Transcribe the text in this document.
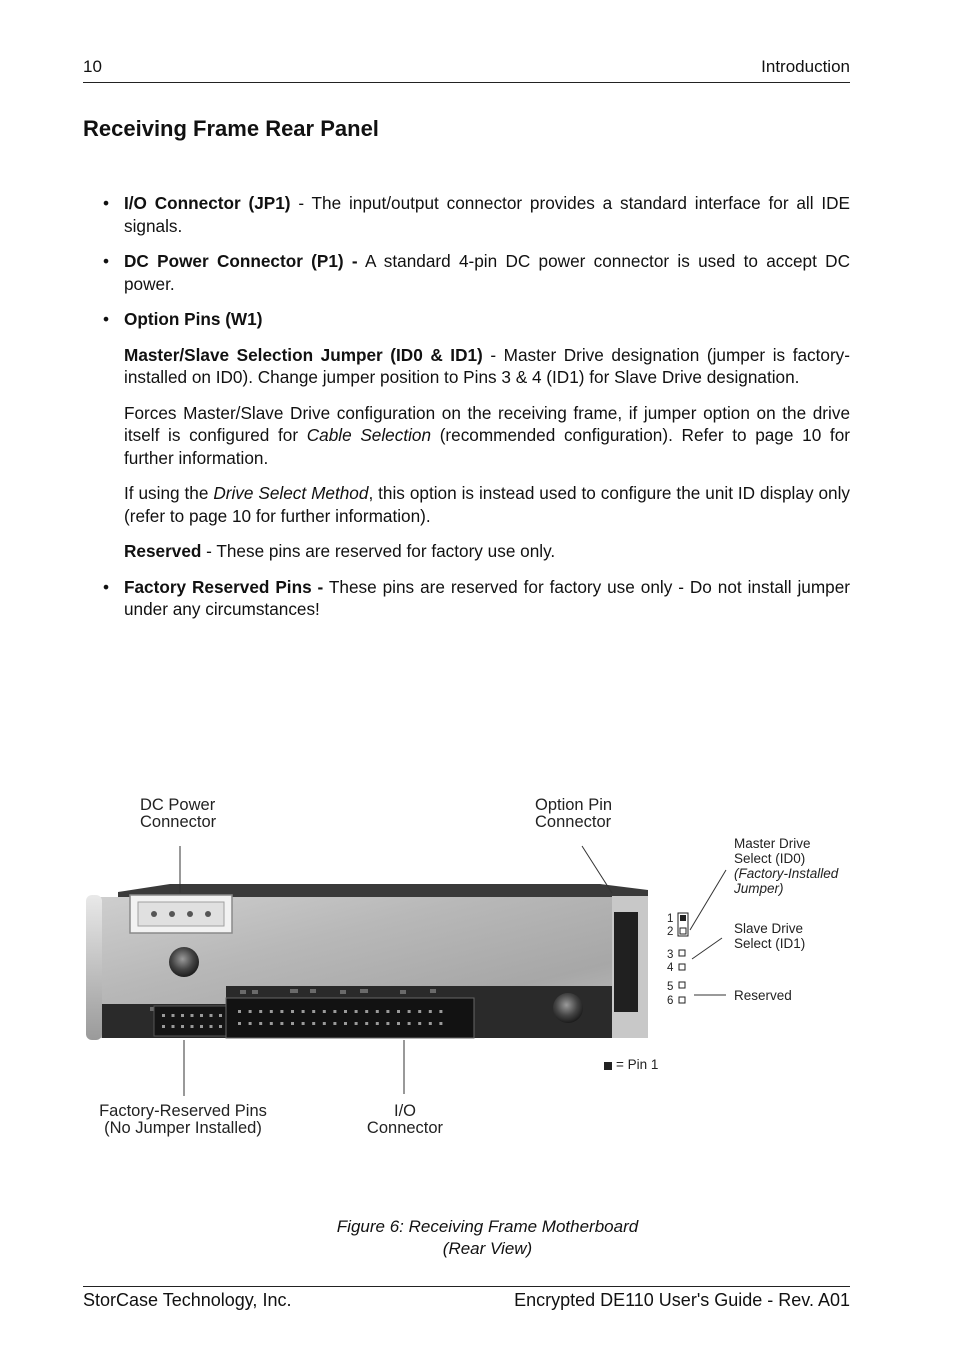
10	Introduction
Receiving Frame Rear Panel
• I/O Connector (JP1) - The input/output connector provides a standard interface for all IDE signals.
• DC Power Connector (P1) - A standard 4-pin DC power connector is used to accept DC power.
• Option Pins (W1)
Master/Slave Selection Jumper (ID0 & ID1) - Master Drive designation (jumper is factory-installed on ID0). Change jumper position to Pins 3 & 4 (ID1) for Slave Drive designation.
Forces Master/Slave Drive configuration on the receiving frame, if jumper option on the drive itself is configured for Cable Selection (recommended configuration). Refer to page 10 for further information.
If using the Drive Select Method, this option is instead used to configure the unit ID display only (refer to page 10 for further information).
Reserved - These pins are reserved for factory use only.
• Factory Reserved Pins - These pins are reserved for factory use only - Do not install jumper under any circumstances!
DC Power
Connector
Option Pin
Connector
Master Drive
Select (ID0)
(Factory-Installed
Jumper)
Slave Drive
Select (ID1)
Reserved
1
2
3
4
5
6
= Pin 1
Factory-Reserved Pins
(No Jumper Installed)
I/O
Connector
Figure 6: Receiving Frame Motherboard
(Rear View)
StorCase Technology, Inc.	Encrypted DE110 User's Guide - Rev. A01
